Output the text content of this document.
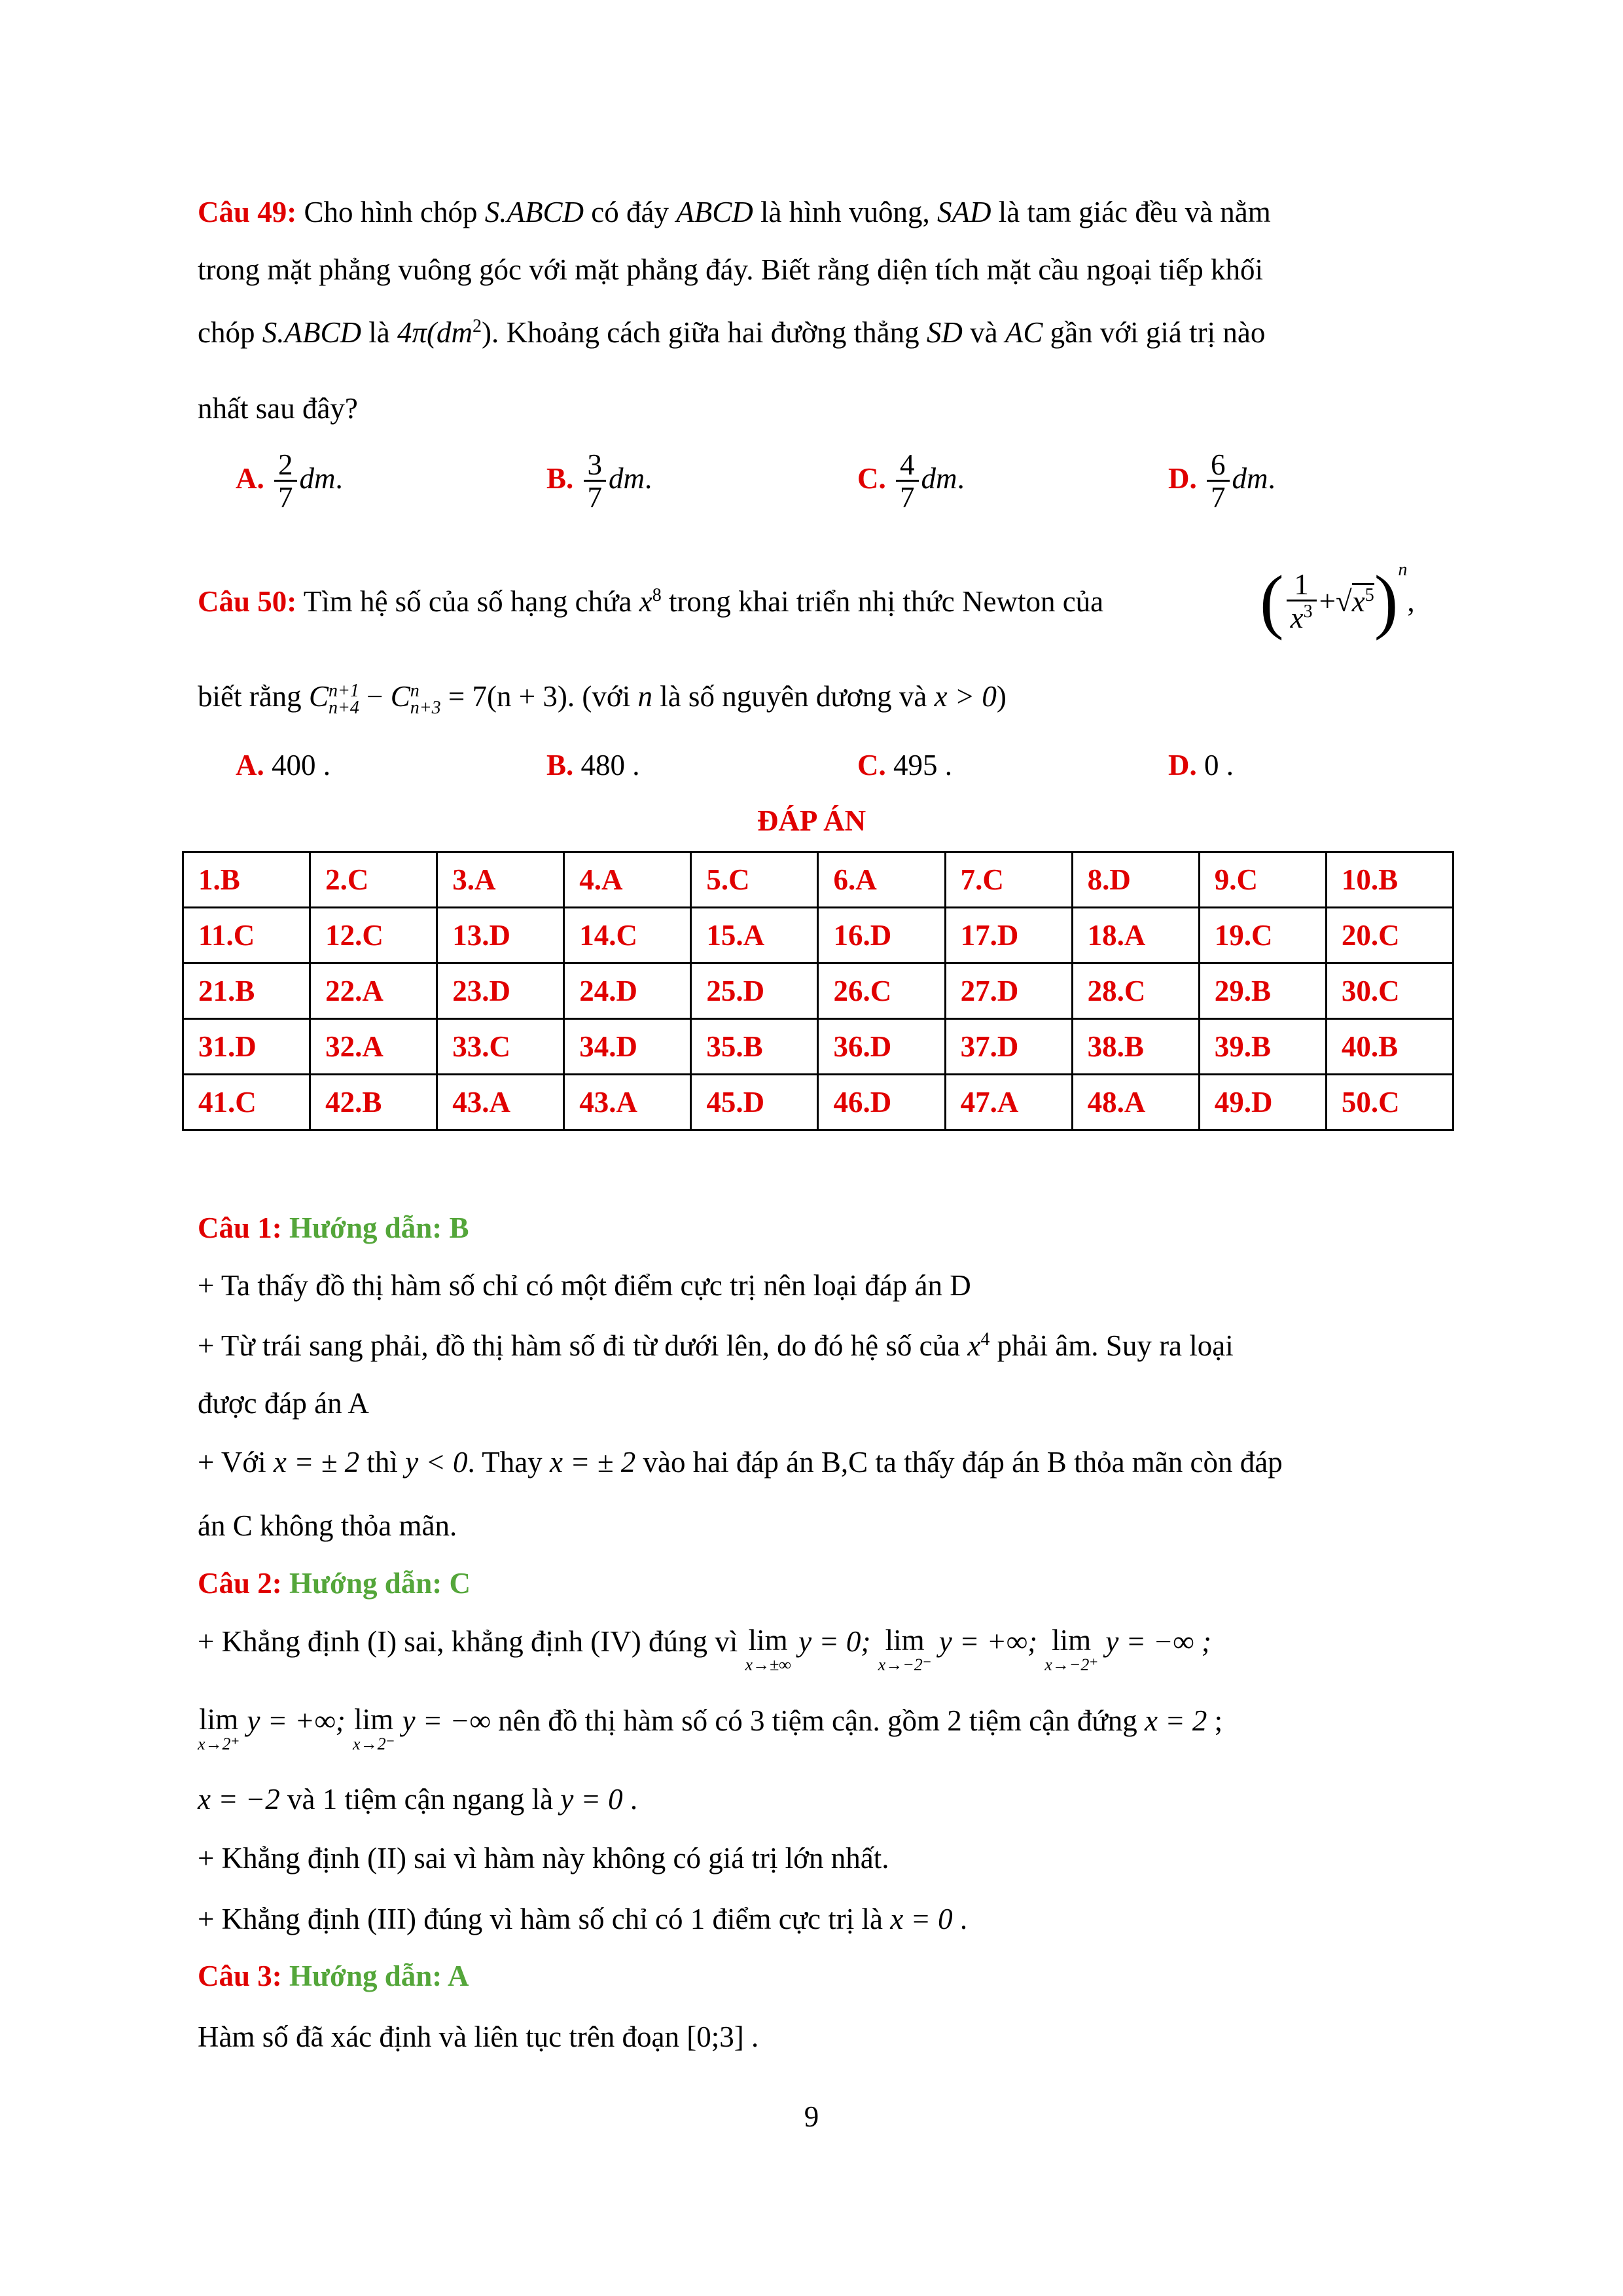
Câu 49: Cho hình chóp S.ABCD có đáy ABCD là hình vuông, SAD là tam giác đều và nằm
trong mặt phẳng vuông góc với mặt phẳng đáy. Biết rằng diện tích mặt cầu ngoại tiếp khối
chóp S.ABCD là $4\pi(dm^2)$. Khoảng cách giữa hai đường thẳng SD và AC gần với giá trị nào
nhất sau đây?
A. $\frac{2}{7}$ dm.	B. $\frac{3}{7}$ dm.	C. $\frac{4}{7}$ dm.	D. $\frac{6}{7}$ dm.
Câu 50: Tìm hệ số của số hạng chứa $x^8$ trong khai triển nhị thức Newton của ( $\frac{1}{x^3} +√x^5)^n$,
biết rằng C n+1
n+4 − C n
n+3 = 7(n + 3). (với n là số nguyên dương và x > 0)
A. 400 .	B. 480 .	C. 495 .	D. 0 .
ĐÁP ÁN
1.B	2.C	3.A	4.A	5.C	6.A	7.C	8.D	9.C	10.B
11.C	12.C	13.D	14.C	15.A	16.D	17.D	18.A	19.C	20.C
21.B	22.A	23.D	24.D	25.D	26.C	27.D	28.C	29.B	30.C
31.D	32.A	33.C	34.D	35.B	36.D	37.D	38.B	39.B	40.B
41.C	42.B	43.A	43.A	45.D	46.D	47.A	48.A	49.D	50.C
Câu 1: Hướng dẫn: B
+ Ta thấy đồ thị hàm số chỉ có một điểm cực trị nên loại đáp án D
+ Từ trái sang phải, đồ thị hàm số đi từ dưới lên, do đó hệ số của $x^4$ phải âm. Suy ra loại
được đáp án A
+ Với x = ± 2 thì y < 0. Thay x = ± 2 vào hai đáp án B,C ta thấy đáp án B thỏa mãn còn đáp
án C không thỏa mãn.
Câu 2: Hướng dẫn: C
+ Khẳng định (I) sai, khẳng định (IV) đúng vì lim
x→±∞
y = 0; lim
x→−2⁻
y = +∞; lim
x→−2⁺
y = −∞ ;
lim
x→2⁺
y = +∞; lim
x→2⁻
y = −∞ nên đồ thị hàm số có 3 tiệm cận. gồm 2 tiệm cận đứng x = 2 ;
x = −2 và 1 tiệm cận ngang là y = 0 .
+ Khẳng định (II) sai vì hàm này không có giá trị lớn nhất.
+ Khẳng định (III) đúng vì hàm số chỉ có 1 điểm cực trị là x = 0 .
Câu 3: Hướng dẫn: A
Hàm số đã xác định và liên tục trên đoạn [0;3] .
9
